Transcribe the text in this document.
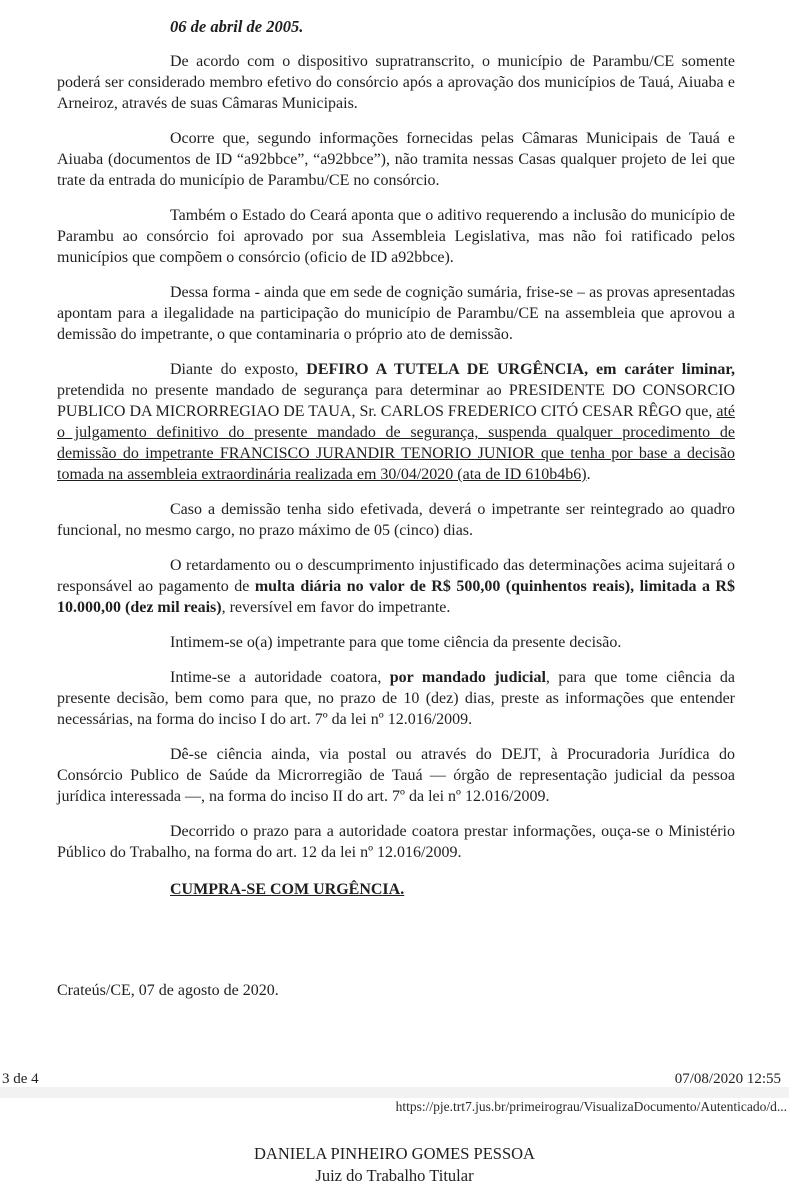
06 de abril de 2005.

De acordo com o dispositivo supratranscrito, o município de Parambu/CE somente poderá ser considerado membro efetivo do consórcio após a aprovação dos municípios de Tauá, Aiuaba e Arneiroz, através de suas Câmaras Municipais.

Ocorre que, segundo informações fornecidas pelas Câmaras Municipais de Tauá e Aiuaba (documentos de ID “a92bbce”, “a92bbce”), não tramita nessas Casas qualquer projeto de lei que trate da entrada do município de Parambu/CE no consórcio.

Também o Estado do Ceará aponta que o aditivo requerendo a inclusão do município de Parambu ao consórcio foi aprovado por sua Assembleia Legislativa, mas não foi ratificado pelos municípios que compõem o consórcio (oficio de ID a92bbce).

Dessa forma - ainda que em sede de cognição sumária, frise-se – as provas apresentadas apontam para a ilegalidade na participação do município de Parambu/CE na assembleia que aprovou a demissão do impetrante, o que contaminaria o próprio ato de demissão.

Diante do exposto, DEFIRO A TUTELA DE URGÊNCIA, em caráter liminar, pretendida no presente mandado de segurança para determinar ao PRESIDENTE DO CONSORCIO PUBLICO DA MICRORREGIAO DE TAUA, Sr. CARLOS FREDERICO CITÓ CESAR RÊGO que, até o julgamento definitivo do presente mandado de segurança, suspenda qualquer procedimento de demissão do impetrante FRANCISCO JURANDIR TENORIO JUNIOR que tenha por base a decisão tomada na assembleia extraordinária realizada em 30/04/2020 (ata de ID 610b4b6).

Caso a demissão tenha sido efetivada, deverá o impetrante ser reintegrado ao quadro funcional, no mesmo cargo, no prazo máximo de 05 (cinco) dias.

O retardamento ou o descumprimento injustificado das determinações acima sujeitará o responsável ao pagamento de multa diária no valor de R$ 500,00 (quinhentos reais), limitada a R$ 10.000,00 (dez mil reais), reversível em favor do impetrante.

Intimem-se o(a) impetrante para que tome ciência da presente decisão.

Intime-se a autoridade coatora, por mandado judicial, para que tome ciência da presente decisão, bem como para que, no prazo de 10 (dez) dias, preste as informações que entender necessárias, na forma do inciso I do art. 7º da lei nº 12.016/2009.

Dê-se ciência ainda, via postal ou através do DEJT, à Procuradoria Jurídica do Consórcio Publico de Saúde da Microrregião de Tauá — órgão de representação judicial da pessoa jurídica interessada —, na forma do inciso II do art. 7º da lei nº 12.016/2009.

Decorrido o prazo para a autoridade coatora prestar informações, ouça-se o Ministério Público do Trabalho, na forma do art. 12 da lei nº 12.016/2009.

CUMPRA-SE COM URGÊNCIA.

Crateús/CE, 07 de agosto de 2020.

3 de 4	07/08/2020 12:55
https://pje.trt7.jus.br/primeirograu/VisualizaDocumento/Autenticado/d...
DANIELA PINHEIRO GOMES PESSOA
Juiz do Trabalho Titular
